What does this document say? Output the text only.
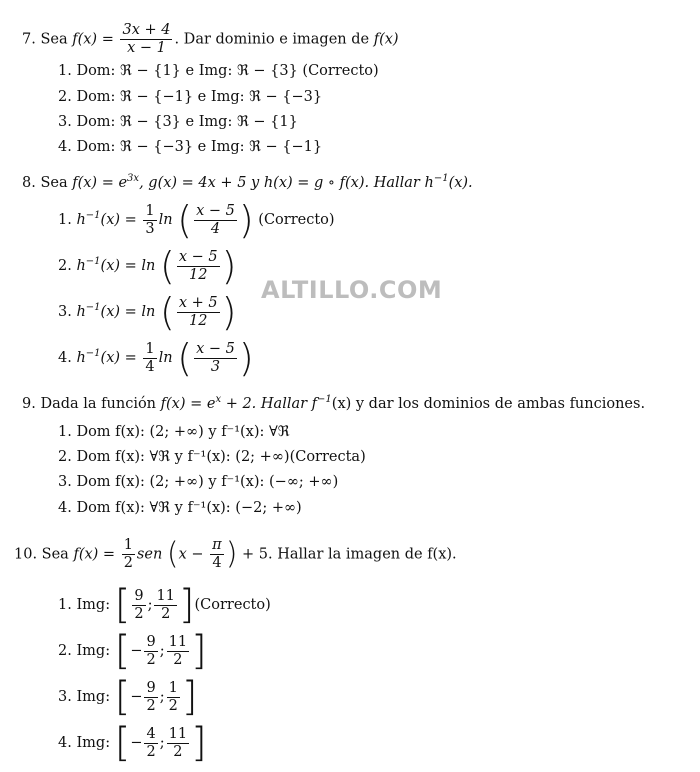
7. Sea $f(x) = \frac{3x + 4}{x - 1}$ . Dar dominio e imagen de f(x)
1. Dom: ℜ − {1} e Img: ℜ − {3} (Correcto)
2. Dom: ℜ − {−1} e Img: ℜ − {−3}
3. Dom: ℜ − {3} e Img: ℜ − {1}
4. Dom: ℜ − {−3} e Img: ℜ − {−1}
8. Sea $f(x) = e^{3x}$, g(x) = 4x + 5 y h(x) = g ∘ f(x). Hallar $h^{-1}(x)$.
1. $h^{-1}(x) = \frac{1}{3}$ ln ( $\frac{x - 5}{4}$ ) (Correcto)
2. $h^{-1}(x) = \ln$ ( $\frac{x - 5}{12}$ )
3. $h^{-1}(x) = \ln$ ( $\frac{x + 5}{12}$ )
4. $h^{-1}(x) = \frac{1}{4}$ ln ( $\frac{x - 5}{3}$ )
ALTILLO.COM
9. Dada la función $f(x) = e^x + 2$. Hallar $f^{-1}(x)$ y dar los dominios de ambas funciones.
1. Dom f(x): (2; +∞) y f⁻¹(x): ∀ℜ
2. Dom f(x): ∀ℜ y f⁻¹(x): (2; +∞)(Correcta)
3. Dom f(x): (2; +∞) y f⁻¹(x): (−∞; +∞)
4. Dom f(x): ∀ℜ y f⁻¹(x): (−2; +∞)
10. Sea $f(x) = \frac{1}{2}$ sen ($x - \frac{\pi}{4}$ ) + 5. Hallar la imagen de f(x).
1. Img: [ $\frac{9}{2}$ ; $\frac{11}{2}$ ](Correcto)
2. Img: [− $\frac{9}{2}$ ; $\frac{11}{2}$ ]
3. Img: [− $\frac{9}{2}$ ; $\frac{1}{2}$ ]
4. Img: [− $\frac{4}{2}$ ; $\frac{11}{2}$ ]
